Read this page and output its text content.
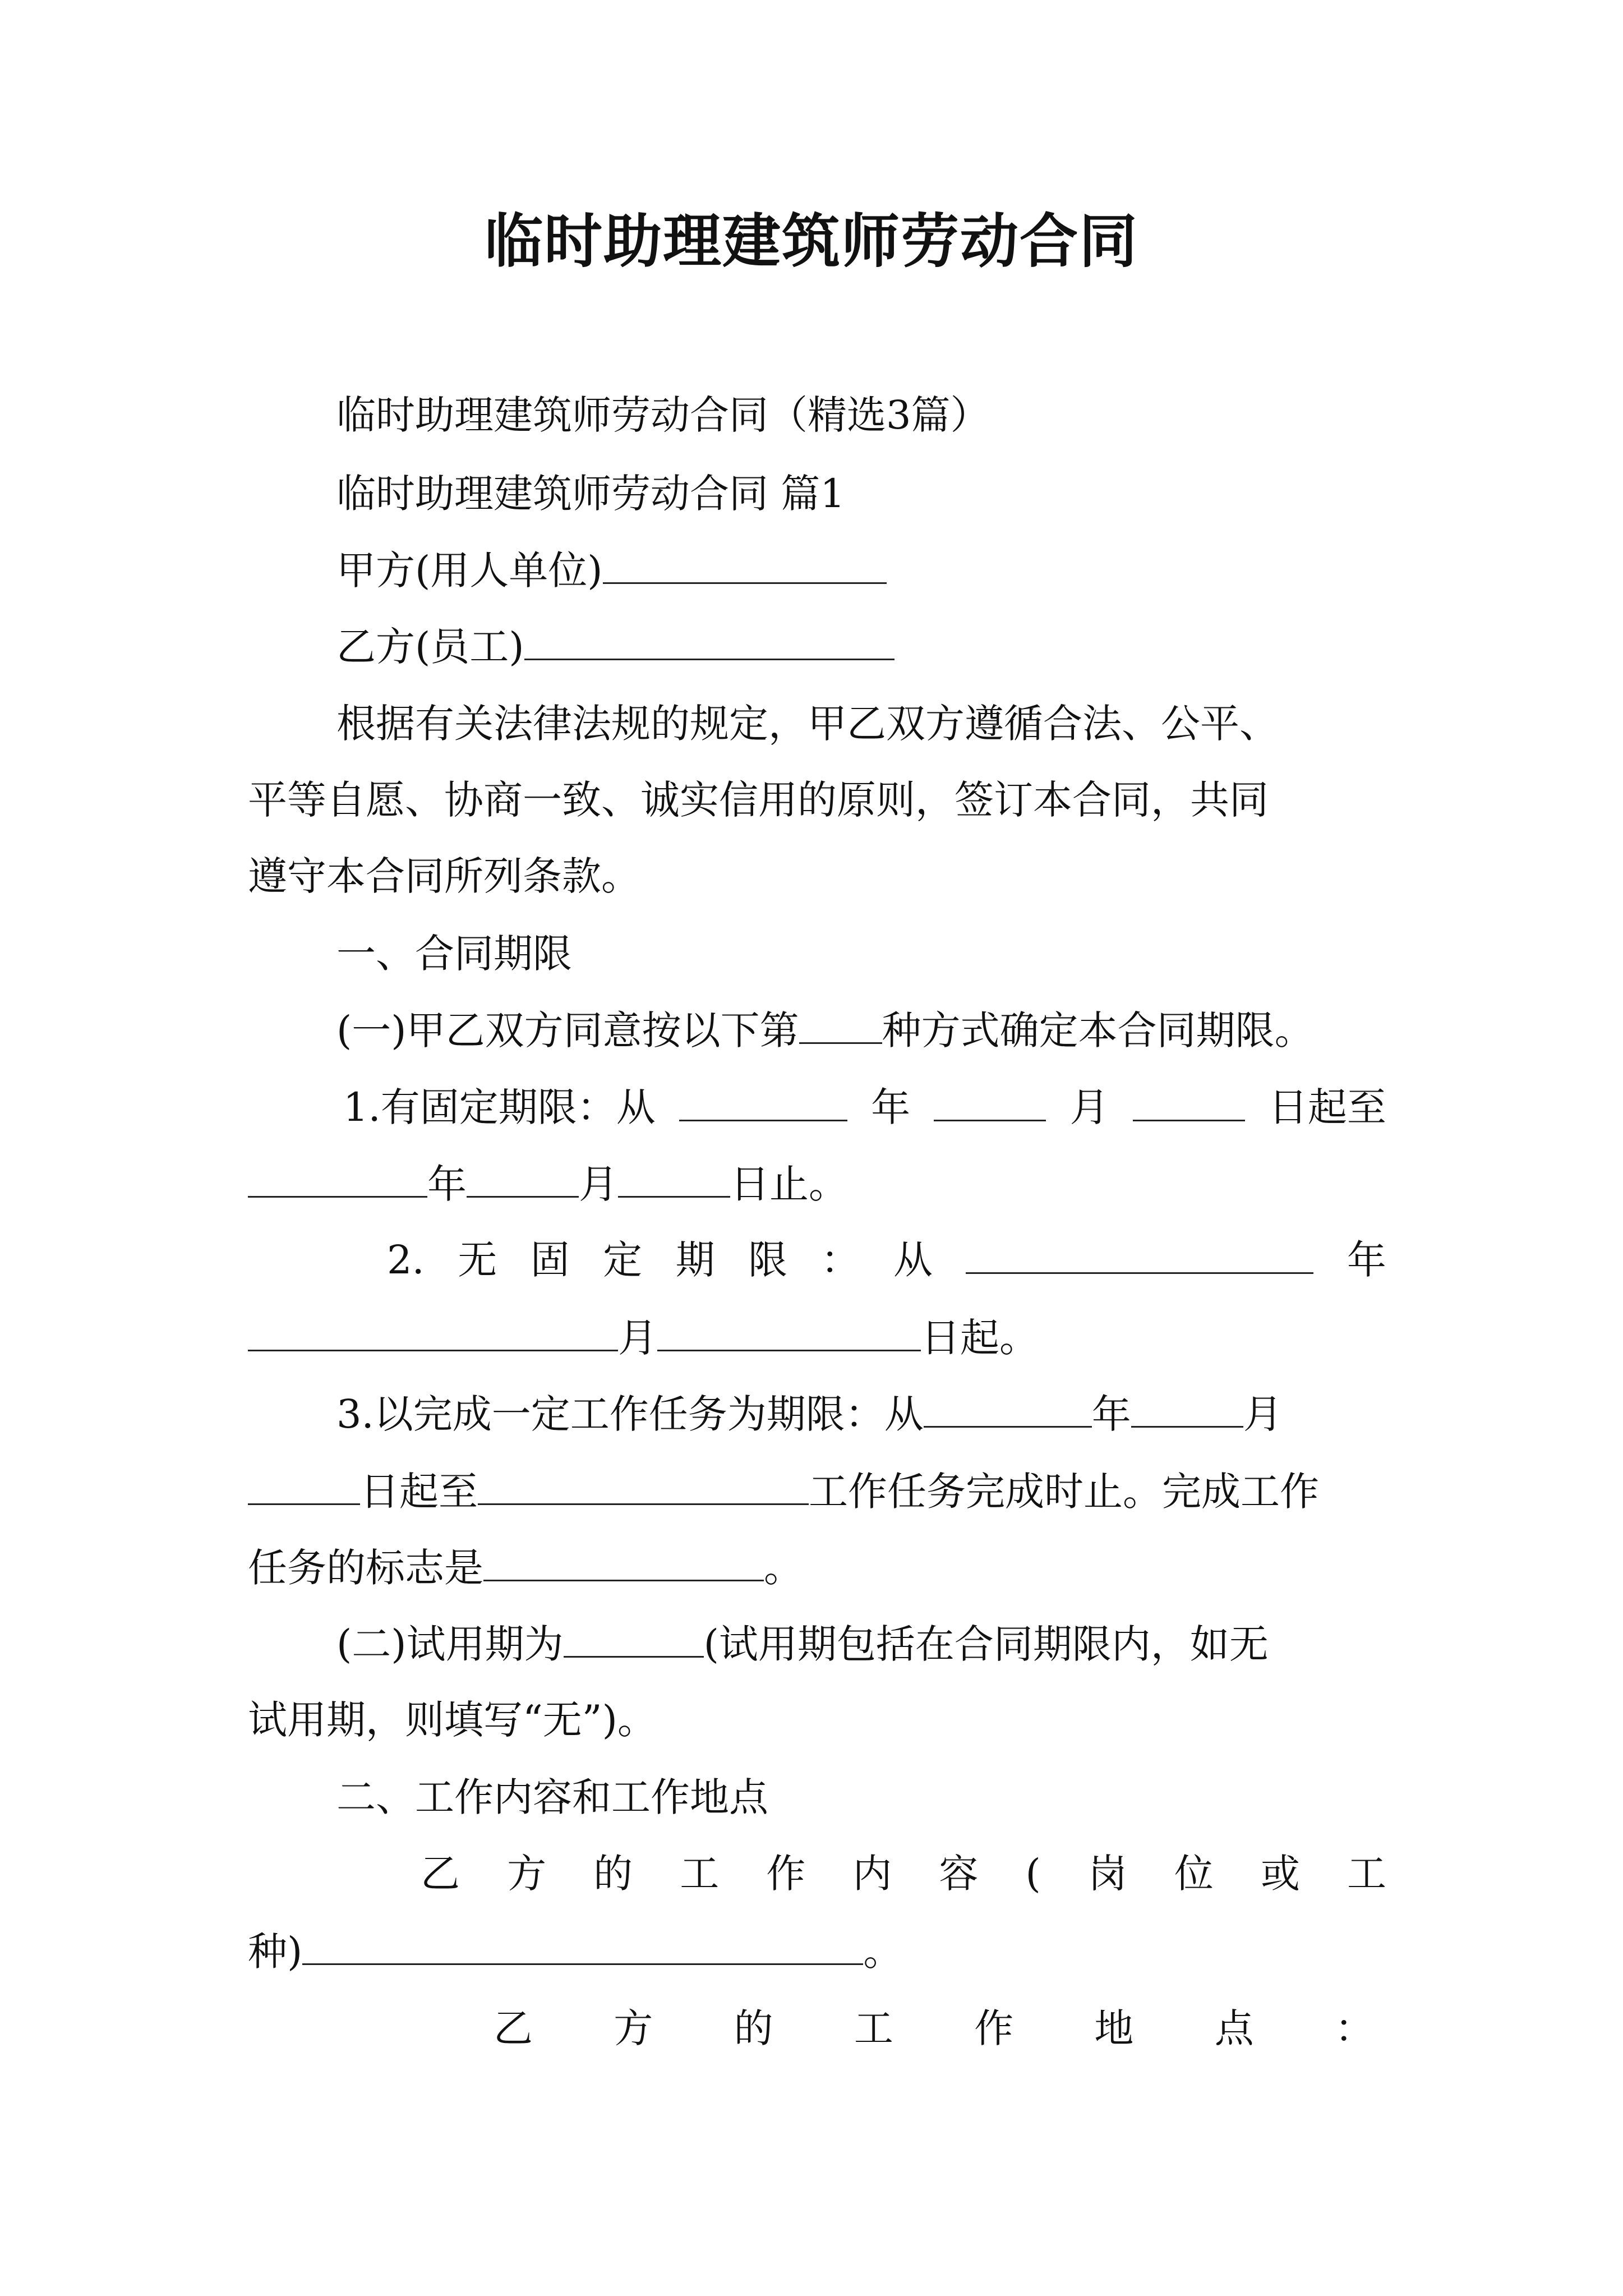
临时助理建筑师劳动合同
临时助理建筑师劳动合同（精选3篇）
临时助理建筑师劳动合同 篇1
甲方(用人单位)
乙方(员工)
根据有关法律法规的规定，甲乙双方遵循合法、公平、
平等自愿、协商一致、诚实信用的原则，签订本合同，共同
遵守本合同所列条款。
一、合同期限
(一)甲乙双方同意按以下第 种方式确定本合同期限。
1.有固定期限：从	年	月	日起至
年	月	日止。
2. 无 固 定 期 限 ： 从	年
月	日起。
3.以完成一定工作任务为期限：从	年	月
日起至	工作任务完成时止。完成工作
任务的标志是	。
(二)试用期为	(试用期包括在合同期限内，如无
试用期，则填写“无”)。
二、工作内容和工作地点
乙 方 的 工 作 内 容 ( 岗 位 或 工
种)	。
乙 方 的 工 作 地 点 ：
